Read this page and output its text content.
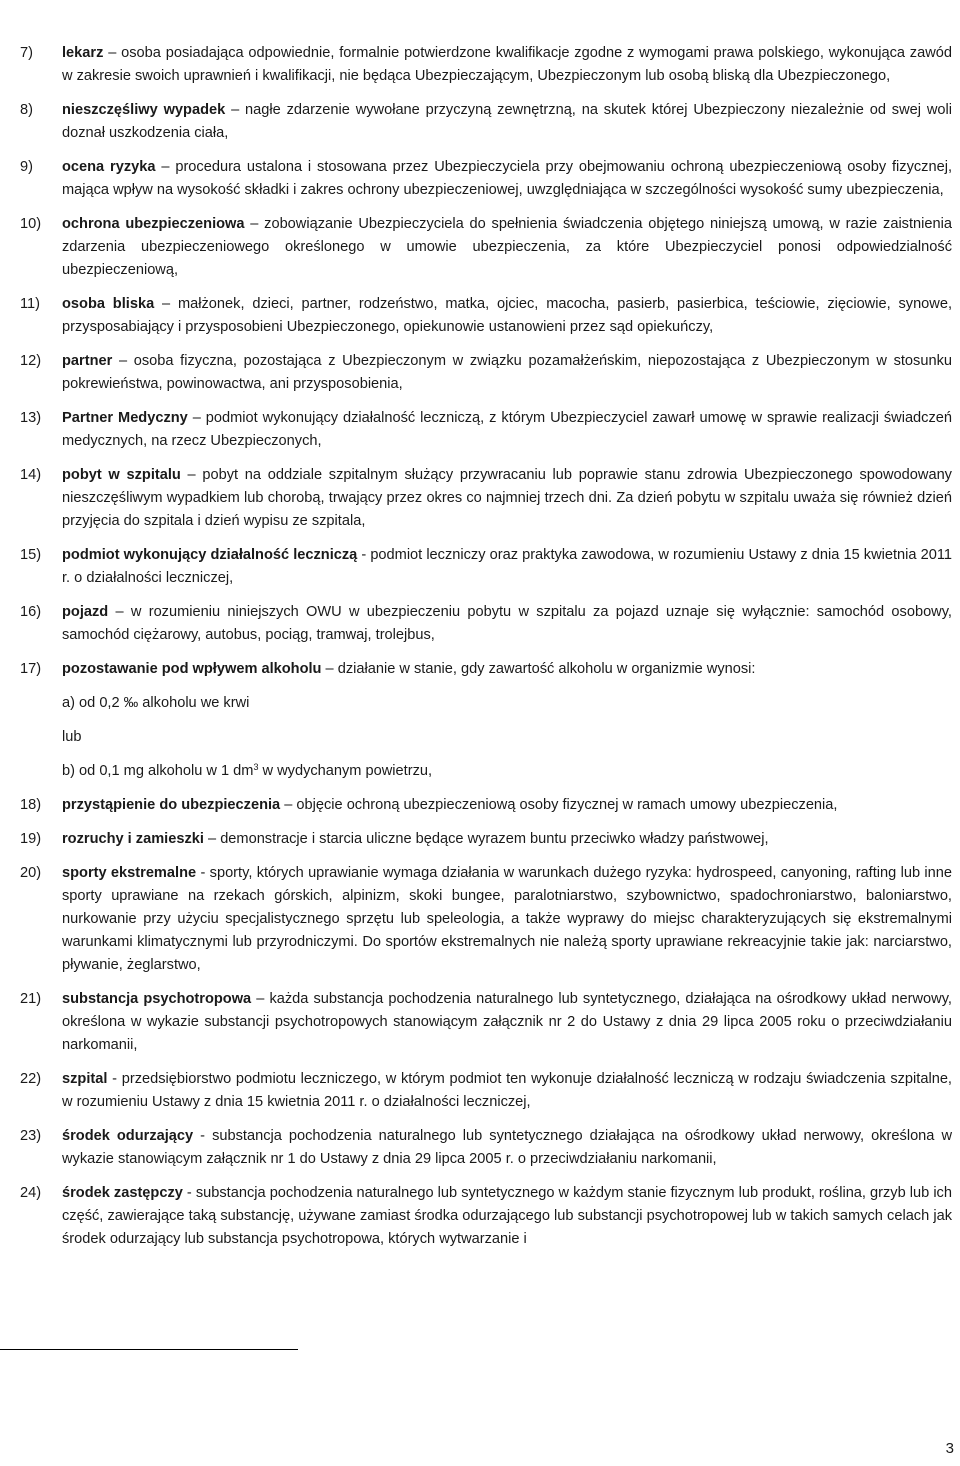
7) lekarz – osoba posiadająca odpowiednie, formalnie potwierdzone kwalifikacje zgodne z wymogami prawa polskiego, wykonująca zawód w zakresie swoich uprawnień i kwalifikacji, nie będąca Ubezpieczającym, Ubezpieczonym lub osobą bliską dla Ubezpieczonego,
8) nieszczęśliwy wypadek – nagłe zdarzenie wywołane przyczyną zewnętrzną, na skutek której Ubezpieczony niezależnie od swej woli doznał uszkodzenia ciała,
9) ocena ryzyka – procedura ustalona i stosowana przez Ubezpieczyciela przy obejmowaniu ochroną ubezpieczeniową osoby fizycznej, mająca wpływ na wysokość składki i zakres ochrony ubezpieczeniowej, uwzględniająca w szczególności wysokość sumy ubezpieczenia,
10) ochrona ubezpieczeniowa – zobowiązanie Ubezpieczyciela do spełnienia świadczenia objętego niniejszą umową, w razie zaistnienia zdarzenia ubezpieczeniowego określonego w umowie ubezpieczenia, za które Ubezpieczyciel ponosi odpowiedzialność ubezpieczeniową,
11) osoba bliska – małżonek, dzieci, partner, rodzeństwo, matka, ojciec, macocha, pasierb, pasierbica, teściowie, zięciowie, synowe, przysposabiający i przysposobieni Ubezpieczonego, opiekunowie ustanowieni przez sąd opiekuńczy,
12) partner – osoba fizyczna, pozostająca z Ubezpieczonym w związku pozamałżeńskim, niepozostająca z Ubezpieczonym w stosunku pokrewieństwa, powinowactwa, ani przysposobienia,
13) Partner Medyczny – podmiot wykonujący działalność leczniczą, z którym Ubezpieczyciel zawarł umowę w sprawie realizacji świadczeń medycznych, na rzecz Ubezpieczonych,
14) pobyt w szpitalu – pobyt na oddziale szpitalnym służący przywracaniu lub poprawie stanu zdrowia Ubezpieczonego spowodowany nieszczęśliwym wypadkiem lub chorobą, trwający przez okres co najmniej trzech dni. Za dzień pobytu w szpitalu uważa się również dzień przyjęcia do szpitala i dzień wypisu ze szpitala,
15) podmiot wykonujący działalność leczniczą - podmiot leczniczy oraz praktyka zawodowa, w rozumieniu Ustawy z dnia 15 kwietnia 2011 r. o działalności leczniczej,
16) pojazd – w rozumieniu niniejszych OWU w ubezpieczeniu pobytu w szpitalu za pojazd uznaje się wyłącznie: samochód osobowy, samochód ciężarowy, autobus, pociąg, tramwaj, trolejbus,
17) pozostawanie pod wpływem alkoholu – działanie w stanie, gdy zawartość alkoholu w organizmie wynosi:
a) od 0,2 ‰ alkoholu we krwi
lub
b) od 0,1 mg alkoholu w 1 $dm^3$ w wydychanym powietrzu,
18) przystąpienie do ubezpieczenia – objęcie ochroną ubezpieczeniową osoby fizycznej w ramach umowy ubezpieczenia,
19) rozruchy i zamieszki – demonstracje i starcia uliczne będące wyrazem buntu przeciwko władzy państwowej,
20) sporty ekstremalne - sporty, których uprawianie wymaga działania w warunkach dużego ryzyka: hydrospeed, canyoning, rafting lub inne sporty uprawiane na rzekach górskich, alpinizm, skoki bungee, paralotniarstwo, szybownictwo, spadochroniarstwo, baloniarstwo, nurkowanie przy użyciu specjalistycznego sprzętu lub speleologia, a także wyprawy do miejsc charakteryzujących się ekstremalnymi warunkami klimatycznymi lub przyrodniczymi. Do sportów ekstremalnych nie należą sporty uprawiane rekreacyjnie takie jak: narciarstwo, pływanie, żeglarstwo,
21) substancja psychotropowa – każda substancja pochodzenia naturalnego lub syntetycznego, działająca na ośrodkowy układ nerwowy, określona w wykazie substancji psychotropowych stanowiącym załącznik nr 2 do Ustawy z dnia 29 lipca 2005 roku o przeciwdziałaniu narkomanii,
22) szpital - przedsiębiorstwo podmiotu leczniczego, w którym podmiot ten wykonuje działalność leczniczą w rodzaju świadczenia szpitalne, w rozumieniu Ustawy z dnia 15 kwietnia 2011 r. o działalności leczniczej,
23) środek odurzający - substancja pochodzenia naturalnego lub syntetycznego działająca na ośrodkowy układ nerwowy, określona w wykazie stanowiącym załącznik nr 1 do Ustawy z dnia 29 lipca 2005 r. o przeciwdziałaniu narkomanii,
24) środek zastępczy - substancja pochodzenia naturalnego lub syntetycznego w każdym stanie fizycznym lub produkt, roślina, grzyb lub ich część, zawierające taką substancję, używane zamiast środka odurzającego lub substancji psychotropowej lub w takich samych celach jak środek odurzający lub substancja psychotropowa, których wytwarzanie i
3
